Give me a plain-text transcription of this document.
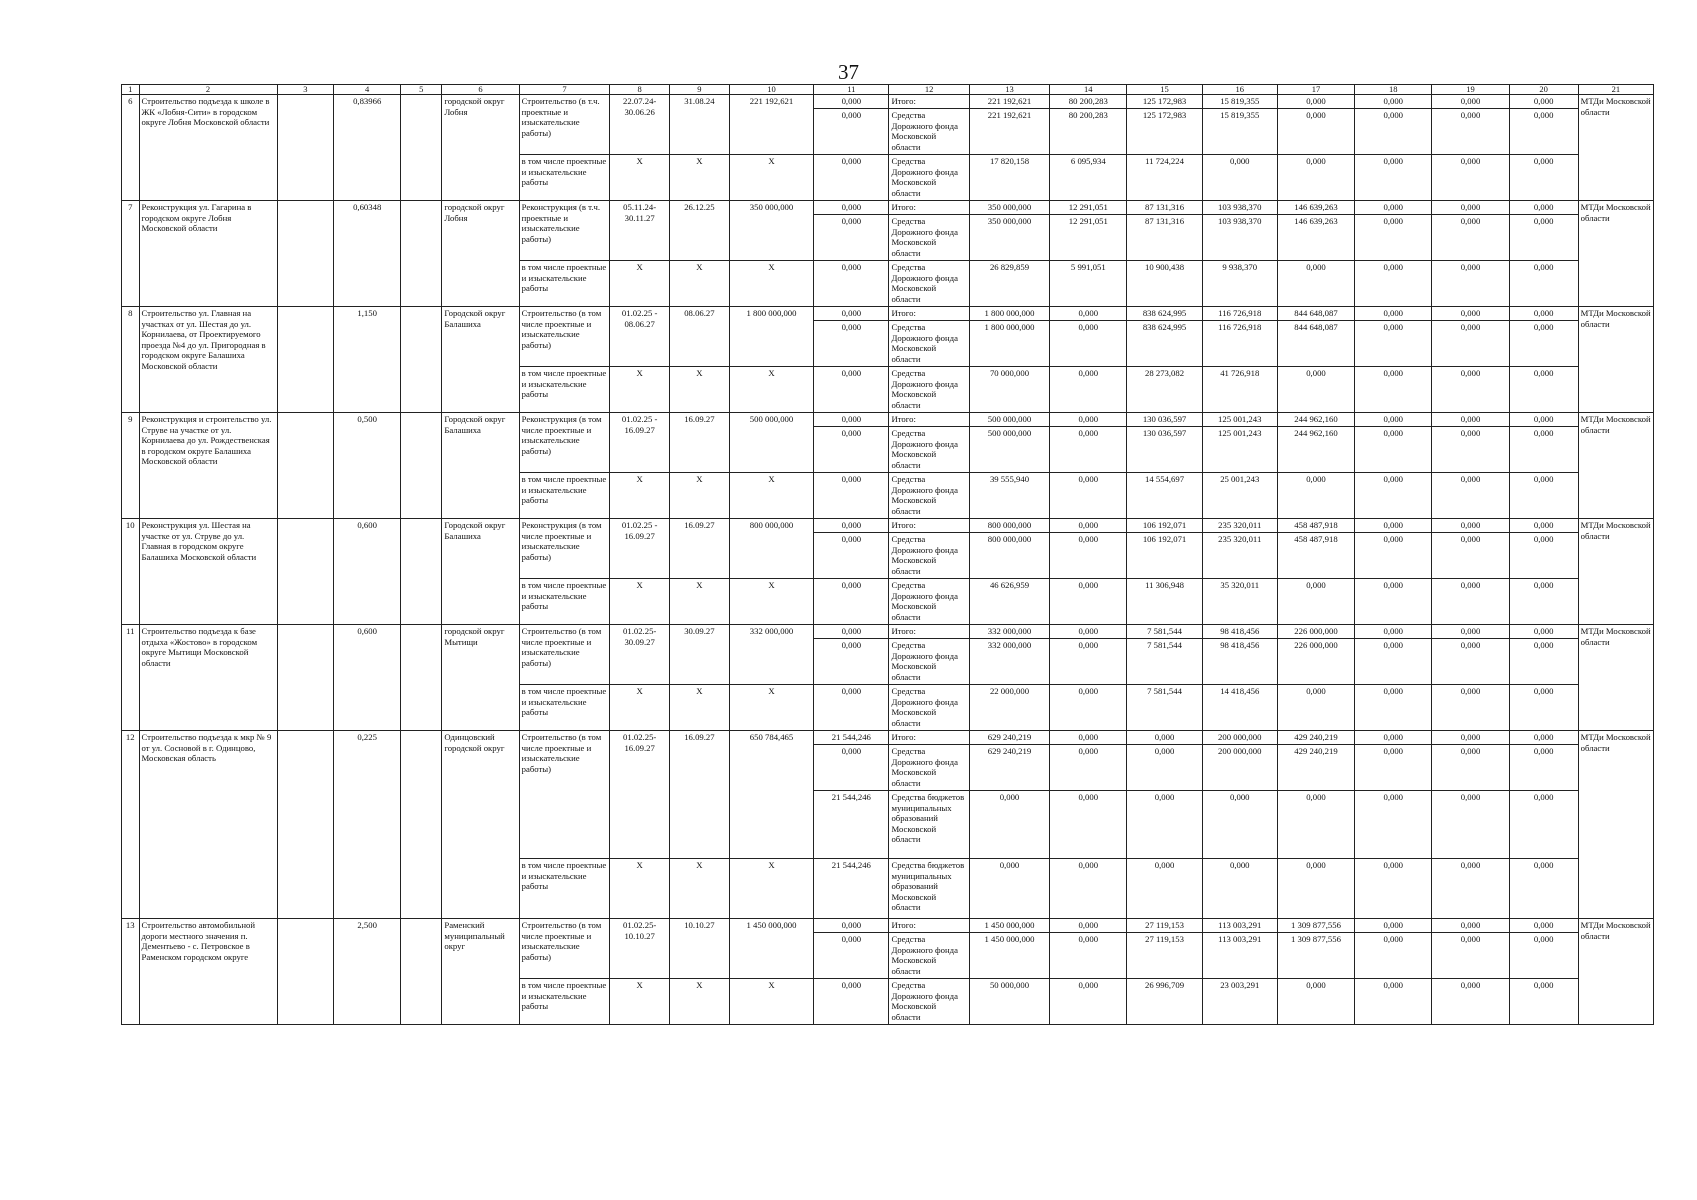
37
1	2	3	4	5	6	7	8	9	10	11	12	13	14	15	16	17	18	19	20	21
6	Строительство подъезда к школе в ЖК «Лобня-Сити» в городском округе Лобня Московской области		0,83966		городской округ Лобня	Строительство (в т.ч. проектные и изыскательские работы)	22.07.24-30.06.26	31.08.24	221 192,621	0,000	Итого:	221 192,621	80 200,283	125 172,983	15 819,355	0,000	0,000	0,000	0,000	МТДи Московской области
										0,000	Средства Дорожного фонда Московской области	221 192,621	80 200,283	125 172,983	15 819,355	0,000	0,000	0,000	0,000	
						в том числе проектные и изыскательские работы	X	X	X	0,000	Средства Дорожного фонда Московской области	17 820,158	6 095,934	11 724,224	0,000	0,000	0,000	0,000	0,000	
7	Реконструкция ул. Гагарина в городском округе Лобня Московской области		0,60348		городской округ Лобня	Реконструкция (в т.ч. проектные и изыскательские работы)	05.11.24-30.11.27	26.12.25	350 000,000	0,000	Итого:	350 000,000	12 291,051	87 131,316	103 938,370	146 639,263	0,000	0,000	0,000	МТДи Московской области
										0,000	Средства Дорожного фонда Московской области	350 000,000	12 291,051	87 131,316	103 938,370	146 639,263	0,000	0,000	0,000	
						в том числе проектные и изыскательские работы	X	X	X	0,000	Средства Дорожного фонда Московской области	26 829,859	5 991,051	10 900,438	9 938,370	0,000	0,000	0,000	0,000	
8	Строительство ул. Главная на участках от ул. Шестая до ул. Корнилаева, от Проектируемого проезда №4 до ул. Пригородная в городском округе Балашиха Московской области		1,150		Городской округ Балашиха	Строительство (в том числе проектные и изыскательские работы)	01.02.25 - 08.06.27	08.06.27	1 800 000,000	0,000	Итого:	1 800 000,000	0,000	838 624,995	116 726,918	844 648,087	0,000	0,000	0,000	МТДи Московской области
										0,000	Средства Дорожного фонда Московской области	1 800 000,000	0,000	838 624,995	116 726,918	844 648,087	0,000	0,000	0,000	
						в том числе проектные и изыскательские работы	X	X	X	0,000	Средства Дорожного фонда Московской области	70 000,000	0,000	28 273,082	41 726,918	0,000	0,000	0,000	0,000	
9	Реконструкция и строительство ул. Струве на участке от ул. Корнилаева до ул. Рождественская в городском округе Балашиха Московской области		0,500		Городской округ Балашиха	Реконструкция (в том числе проектные и изыскательские работы)	01.02.25 - 16.09.27	16.09.27	500 000,000	0,000	Итого:	500 000,000	0,000	130 036,597	125 001,243	244 962,160	0,000	0,000	0,000	МТДи Московской области
										0,000	Средства Дорожного фонда Московской области	500 000,000	0,000	130 036,597	125 001,243	244 962,160	0,000	0,000	0,000	
						в том числе проектные и изыскательские работы	X	X	X	0,000	Средства Дорожного фонда Московской области	39 555,940	0,000	14 554,697	25 001,243	0,000	0,000	0,000	0,000	
10	Реконструкция ул. Шестая на участке от ул. Струве до ул. Главная в городском округе Балашиха Московской области		0,600		Городской округ Балашиха	Реконструкция (в том числе проектные и изыскательские работы)	01.02.25 - 16.09.27	16.09.27	800 000,000	0,000	Итого:	800 000,000	0,000	106 192,071	235 320,011	458 487,918	0,000	0,000	0,000	МТДи Московской области
										0,000	Средства Дорожного фонда Московской области	800 000,000	0,000	106 192,071	235 320,011	458 487,918	0,000	0,000	0,000	
						в том числе проектные и изыскательские работы	X	X	X	0,000	Средства Дорожного фонда Московской области	46 626,959	0,000	11 306,948	35 320,011	0,000	0,000	0,000	0,000	
11	Строительство подъезда к базе отдыха «Жостово» в городском округе Мытищи Московской области		0,600		городской округ Мытищи	Строительство (в том числе проектные и изыскательские работы)	01.02.25-30.09.27	30.09.27	332 000,000	0,000	Итого:	332 000,000	0,000	7 581,544	98 418,456	226 000,000	0,000	0,000	0,000	МТДи Московской области
										0,000	Средства Дорожного фонда Московской области	332 000,000	0,000	7 581,544	98 418,456	226 000,000	0,000	0,000	0,000	
						в том числе проектные и изыскательские работы	X	X	X	0,000	Средства Дорожного фонда Московской области	22 000,000	0,000	7 581,544	14 418,456	0,000	0,000	0,000	0,000	
12	Строительство подъезда к мкр № 9 от ул. Сосновой в г. Одинцово, Московская область		0,225		Одинцовский городской округ	Строительство (в том числе проектные и изыскательские работы)	01.02.25-16.09.27	16.09.27	650 784,465	21 544,246	Итого:	629 240,219	0,000	0,000	200 000,000	429 240,219	0,000	0,000	0,000	МТДи Московской области
										0,000	Средства Дорожного фонда Московской области	629 240,219	0,000	0,000	200 000,000	429 240,219	0,000	0,000	0,000	
										21 544,246	Средства бюджетов муниципальных образований Московской области	0,000	0,000	0,000	0,000	0,000	0,000	0,000	0,000	
						в том числе проектные и изыскательские работы	X	X	X	21 544,246	Средства бюджетов муниципальных образований Московской области	0,000	0,000	0,000	0,000	0,000	0,000	0,000	0,000	
13	Строительство автомобильной дороги местного значения п. Дементьево - с. Петровское в Раменском городском округе		2,500		Раменский муниципальный округ	Строительство (в том числе проектные и изыскательские работы)	01.02.25-10.10.27	10.10.27	1 450 000,000	0,000	Итого:	1 450 000,000	0,000	27 119,153	113 003,291	1 309 877,556	0,000	0,000	0,000	МТДи Московской области
										0,000	Средства Дорожного фонда Московской области	1 450 000,000	0,000	27 119,153	113 003,291	1 309 877,556	0,000	0,000	0,000	
						в том числе проектные и изыскательские работы	X	X	X	0,000	Средства Дорожного фонда Московской области	50 000,000	0,000	26 996,709	23 003,291	0,000	0,000	0,000	0,000	
